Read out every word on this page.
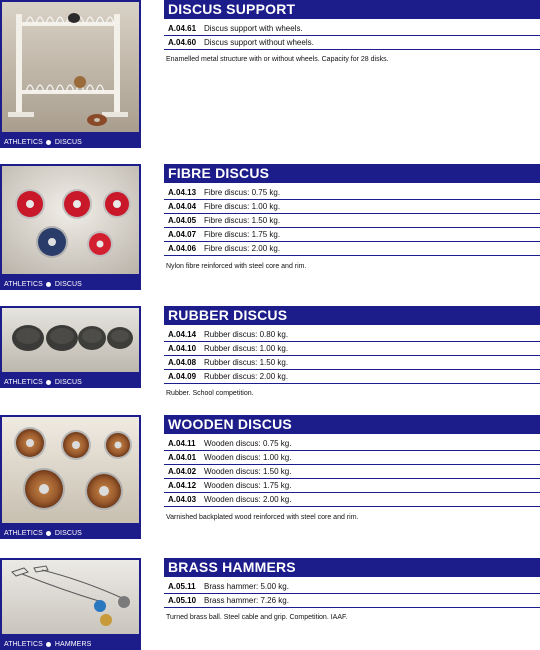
ATHLETICS DISCUS
DISCUS SUPPORT
A.04.61 Discus support with wheels.
A.04.60 Discus support without wheels.
Enamelled metal structure with or without wheels. Capacity for 28 disks.
ATHLETICS DISCUS
FIBRE DISCUS
A.04.13 Fibre discus: 0.75 kg.
A.04.04 Fibre discus: 1.00 kg.
A.04.05 Fibre discus: 1.50 kg.
A.04.07 Fibre discus: 1.75 kg.
A.04.06 Fibre discus: 2.00 kg.
Nylon fibre reinforced with steel core and rim.
ATHLETICS DISCUS
RUBBER DISCUS
A.04.14 Rubber discus: 0.80 kg.
A.04.10 Rubber discus: 1.00 kg.
A.04.08 Rubber discus: 1.50 kg.
A.04.09 Rubber discus: 2.00 kg.
Rubber. School competition.
ATHLETICS DISCUS
WOODEN DISCUS
A.04.11 Wooden discus: 0.75 kg.
A.04.01 Wooden discus: 1.00 kg.
A.04.02 Wooden discus: 1.50 kg.
A.04.12 Wooden discus: 1.75 kg.
A.04.03 Wooden discus: 2.00 kg.
Varnished backplated wood reinforced with steel core and rim.
ATHLETICS HAMMERS
BRASS HAMMERS
A.05.11 Brass hammer: 5.00 kg.
A.05.10 Brass hammer: 7.26 kg.
Turned brass ball. Steel cable and grip. Competition. IAAF.
